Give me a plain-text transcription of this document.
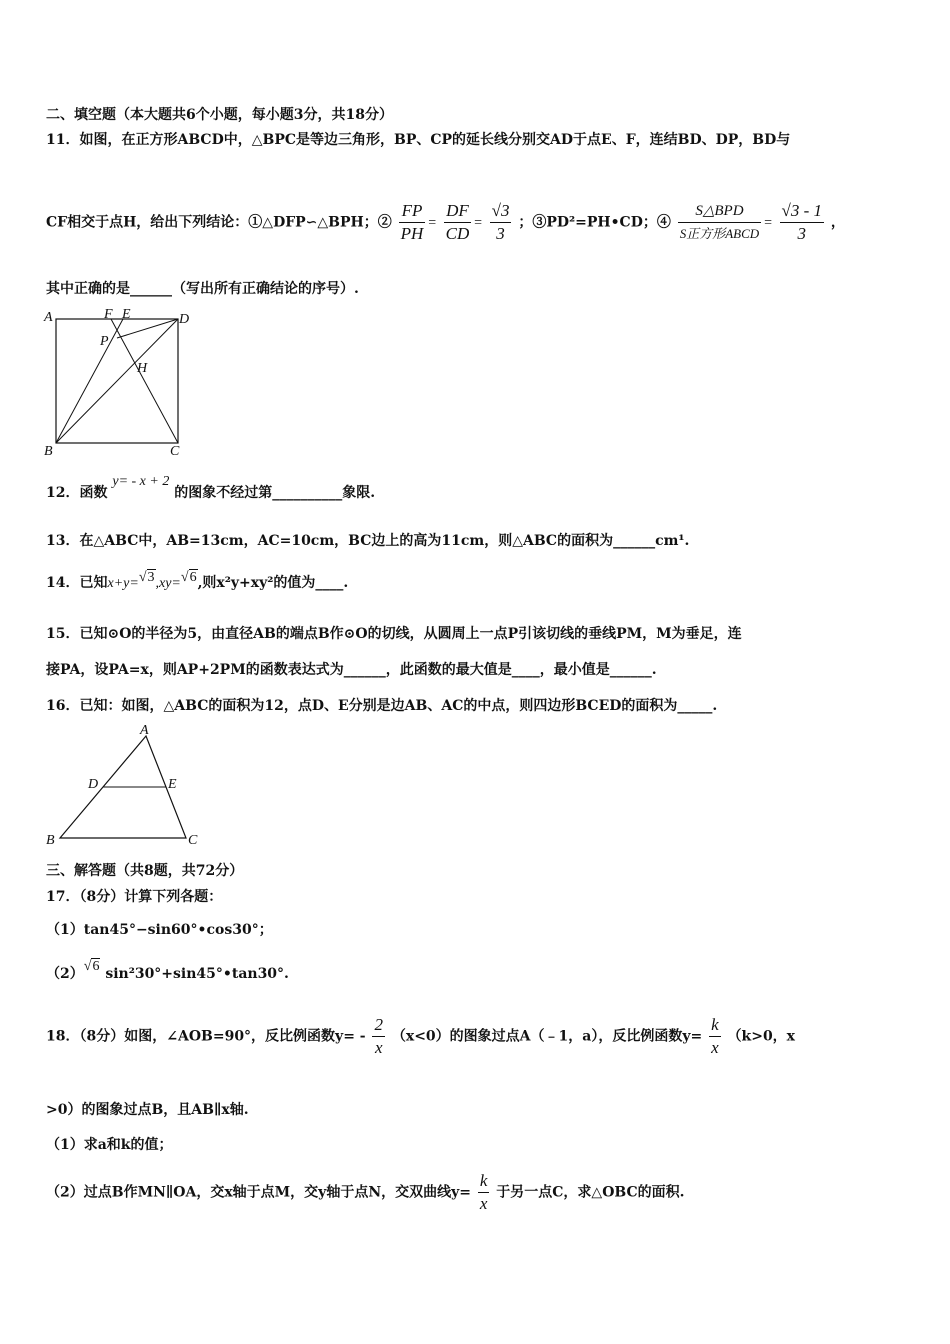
二、填空题（本大题共6个小题，每小题3分，共18分）
11．如图，在正方形ABCD中，△BPC是等边三角形，BP、CP的延长线分别交AD于点E、F，连结BD、DP，BD与
CF相交于点H，给出下列结论：①△DFP∽△BPH；② $\frac{FP}{PH} = \frac{DF}{CD} = \frac{√3}{3}$ ；③PD²=PH•CD；④ $\frac{\text{S△BPD}}{\text{S正方形ABCD}} = \frac{√3 - 1}{3}$ ，
其中正确的是______（写出所有正确结论的序号）.
A	F E	D
P
H
B	C
12．函数 y= - x + 2 的图象不经过第__________象限.
13．在△ABC中，AB=13cm，AC=10cm，BC边上的高为11cm，则△ABC的面积为______cm¹.
14．已知x+y=√3,xy=√6,则x²y+xy²的值为____.
15．已知⊙O的半径为5，由直径AB的端点B作⊙O的切线，从圆周上一点P引该切线的垂线PM，M为垂足，连
接PA，设PA=x，则AP+2PM的函数表达式为______，此函数的最大值是____，最小值是______.
16．已知：如图，△ABC的面积为12，点D、E分别是边AB、AC的中点，则四边形BCED的面积为_____.
A
D	E
B	C
三、解答题（共8题，共72分）
17．（8分）计算下列各题：
（1）tan45°−sin60°•cos30°；
（2）√6 sin²30°+sin45°•tan30°.
18．（8分）如图，∠AOB=90°，反比例函数$y= - \frac{2}{x} (x<0)$的图象过点A（﹣1，a），反比例函数$y= \frac{k}{x} (k>0$，x
>0）的图象过点B，且AB∥x轴.
（1）求a和k的值；
（2）过点B作MN∥OA，交x轴于点M，交y轴于点N，交双曲线$y= \frac{k}{x}$ 于另一点C，求△OBC的面积.
